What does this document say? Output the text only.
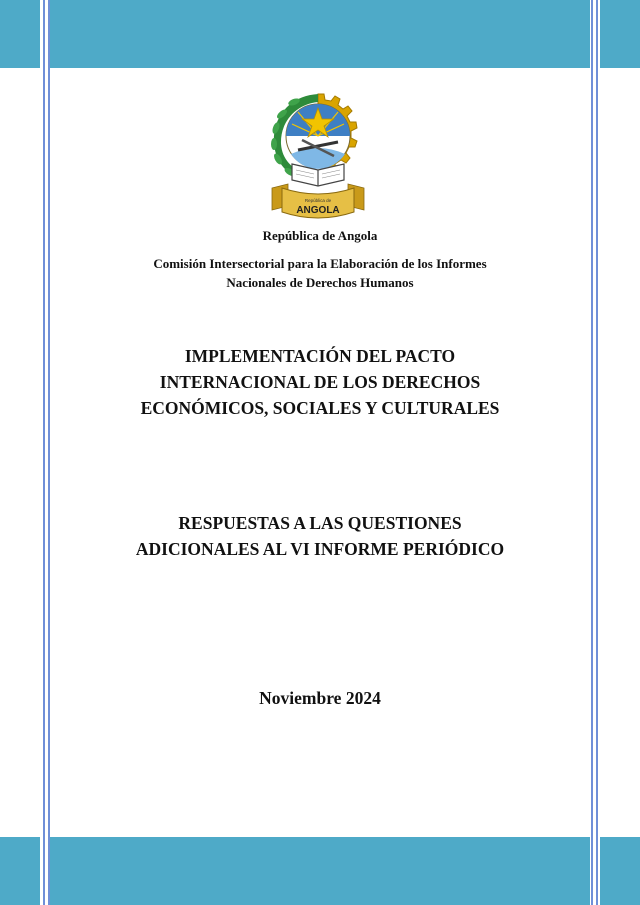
República de
ANGOLA
República de Angola
Comisión Intersectorial para la Elaboración de los Informes
Nacionales de Derechos Humanos
IMPLEMENTACIÓN DEL PACTO
INTERNACIONAL DE LOS DERECHOS
ECONÓMICOS, SOCIALES Y CULTURALES
RESPUESTAS A LAS QUESTIONES
ADICIONALES AL VI INFORME PERIÓDICO
Noviembre 2024
